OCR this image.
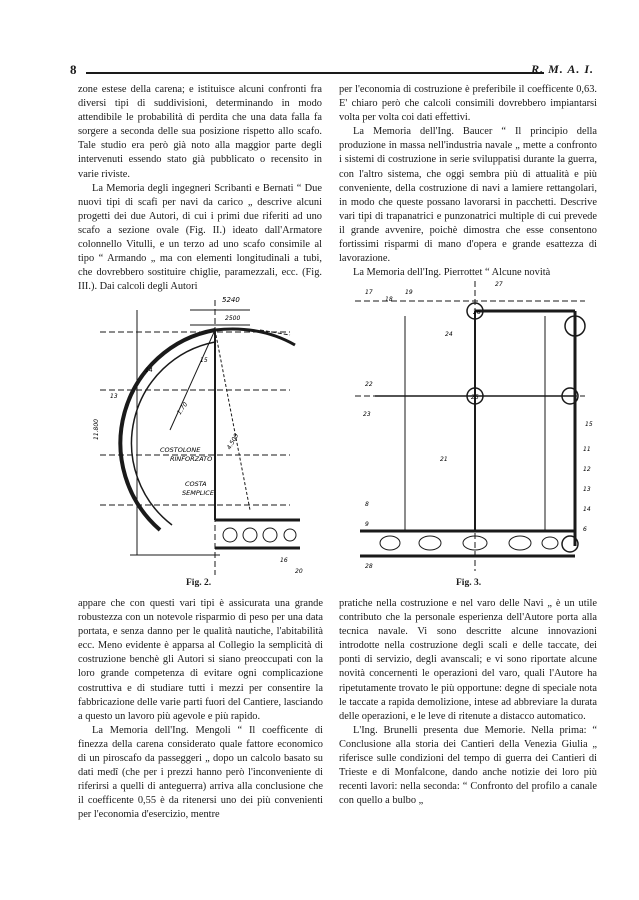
8	R. M. A. I.

zone estese della carena; e istituisce alcuni confronti fra diversi tipi di suddivisioni, determinando in modo attendibile le probabilità di perdita che una data falla fa sorgere a seconda delle sua posizione rispetto allo scafo. Tale studio era però già noto alla maggior parte degli intervenuti essendo stato già pubblicato o recensito in varie riviste.

La Memoria degli ingegneri Scribanti e Bernati “ Due nuovi tipi di scafi per navi da carico „ descrive alcuni progetti dei due Autori, di cui i primi due riferiti ad uno scafo a sezione ovale (Fig. II.) ideato dall'Armatore colonnello Vitulli, e un terzo ad uno scafo consimile al tipo “ Armando „ ma con elementi longitudinali a tubi, che dovrebbero sostituire chiglie, paramezzali, ecc. (Fig. III.). Dai calcoli degli Autori

per l'economia di costruzione è preferibile il coefficente 0,63. E' chiaro però che calcoli consimili dovrebbero impiantarsi volta per volta coi dati effettivi.

La Memoria dell'Ing. Baucer “ Il principio della produzione in massa nell'industria navale „ mette a confronto i sistemi di costruzione in serie sviluppatisi durante la guerra, con l'altro sistema, che oggi sembra più di attualità e più conveniente, della costruzione di navi a lamiere rettangolari, in modo che queste possano lavorarsi in pacchetti. Descrive vari tipi di trapanatrici e punzonatrici multiple di cui prevede il grande avvenire, poichè dimostra che esse consentono fortissimi risparmi di mano d'opera e grande esattezza di lavorazione.

La Memoria dell'Ing. Pierrottet “ Alcune novità

5240
2500
11.800
4.500
1.70
COSTOLONE
RINFORZATO
COSTA
SEMPLICE
13
14
15
16
20
Fig. 2.
26
25
27
17
18
19
22
23
24
21
15
11
12
13
14
6
8
9
28
Fig. 3.

appare che con questi vari tipi è assicurata una grande robustezza con un notevole risparmio di peso per una data portata, e senza danno per le qualità nautiche, l'abitabilità ecc. Meno evidente è apparsa al Collegio la semplicità di costruzione benchè gli Autori si siano preoccupati con la loro grande competenza di evitare ogni complicazione costruttiva e di studiare tutti i mezzi per consentire la fabbricazione delle varie parti fuori del Cantiere, lasciando a questo un lavoro più agevole e più rapido.

La Memoria dell'Ing. Mengoli “ Il coefficente di finezza della carena considerato quale fattore economico di un piroscafo da passeggeri „ dopo un calcolo basato su dati medî (che per i prezzi hanno però l'inconveniente di riferirsi a quelli di anteguerra) arriva alla conclusione che il coefficente 0,55 è da ritenersi uno dei più convenienti per l'economia d'esercizio, mentre

pratiche nella costruzione e nel varo delle Navi „ è un utile contributo che la personale esperienza dell'Autore porta alla tecnica navale. Vi sono descritte alcune innovazioni introdotte nella costruzione degli scali e delle taccate, dei ponti di servizio, degli avanscali; e vi sono riportate alcune novità concernenti le operazioni del varo, quali l'Autore ha ripetutamente trovato le più opportune: degne di speciale nota le taccate a rapida demolizione, intese ad abbreviare la durata delle operazioni, e le leve di ritenute a distacco automatico.

L'Ing. Brunelli presenta due Memorie. Nella prima: “ Conclusione alla storia dei Cantieri della Venezia Giulia „ riferisce sulle condizioni del tempo di guerra dei Cantieri di Trieste e di Monfalcone, dando anche notizie dei loro più recenti lavori: nella seconda: “ Confronto del profilo a canale con quello a bulbo „
